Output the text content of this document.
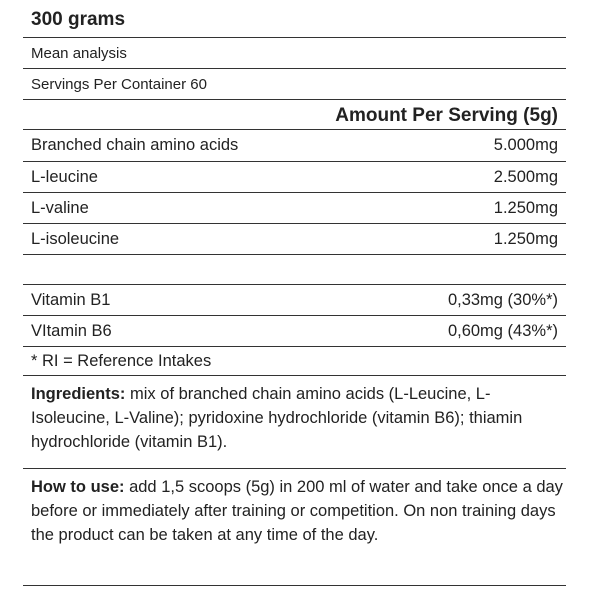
300 grams
Mean analysis
Servings Per Container 60
Amount Per Serving (5g)
Branched chain amino acids	5.000mg
L-leucine	2.500mg
L-valine	1.250mg
L-isoleucine	1.250mg
Vitamin B1	0,33mg (30%*)
VItamin B6	0,60mg (43%*)
* RI = Reference Intakes
Ingredients: mix of branched chain amino acids (L-Leucine, L-Isoleucine, L-Valine); pyridoxine hydrochloride (vitamin B6); thiamin hydrochloride (vitamin B1).
How to use: add 1,5 scoops (5g) in 200 ml of water and take once a day before or immediately after training or competition. On non training days the product can be taken at any time of the day.
